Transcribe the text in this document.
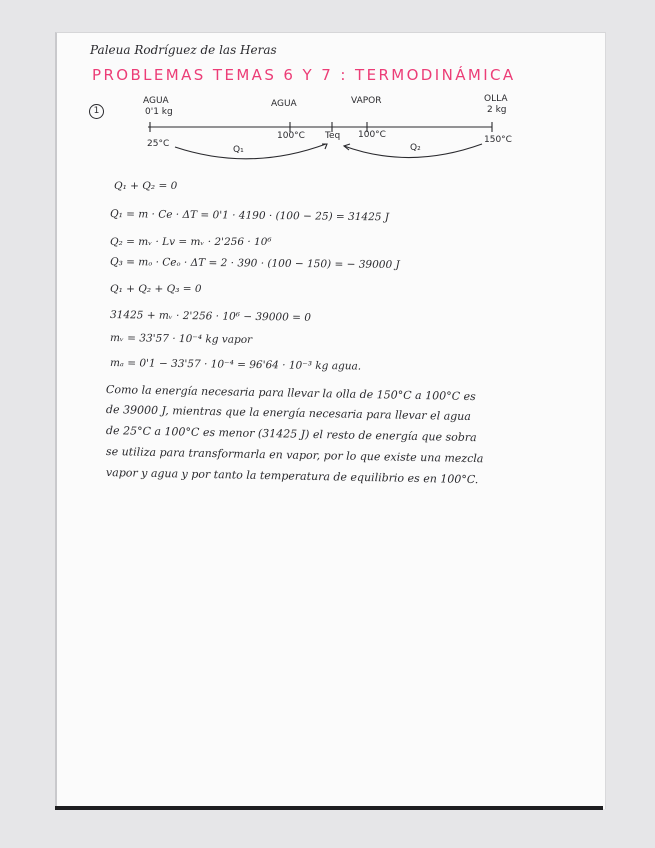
Paleua Rodríguez de las Heras
PROBLEMAS TEMAS 6 Y 7 : TERMODINÁMICA
1
AGUA
0'1 kg
AGUA	VAPOR	OLLA
2 kg
25°C
100°C Teq 100°C	150°C
Q₁	Q₂
Q₁ + Q₂ = 0
Q₁ = m · Ce · ΔT = 0'1 · 4190 · (100 − 25) = 31425 J
Q₂ = mᵥ · Lv = mᵥ · 2'256 · 10⁶
Q₃ = mₒ · Ceₒ · ΔT = 2 · 390 · (100 − 150) = − 39000 J
Q₁ + Q₂ + Q₃ = 0
31425 + mᵥ · 2'256 · 10⁶ − 39000 = 0
mᵥ = 33'57 · 10⁻⁴ kg vapor
mₐ = 0'1 − 33'57 · 10⁻⁴ = 96'64 · 10⁻³ kg agua.
Como la energía necesaria para llevar la olla de 150°C a 100°C es
de 39000 J, mientras que la energía necesaria para llevar el agua
de 25°C a 100°C es menor (31425 J) el resto de energía que sobra
se utiliza para transformarla en vapor, por lo que existe una mezcla
vapor y agua y por tanto la temperatura de equilibrio es en 100°C.
